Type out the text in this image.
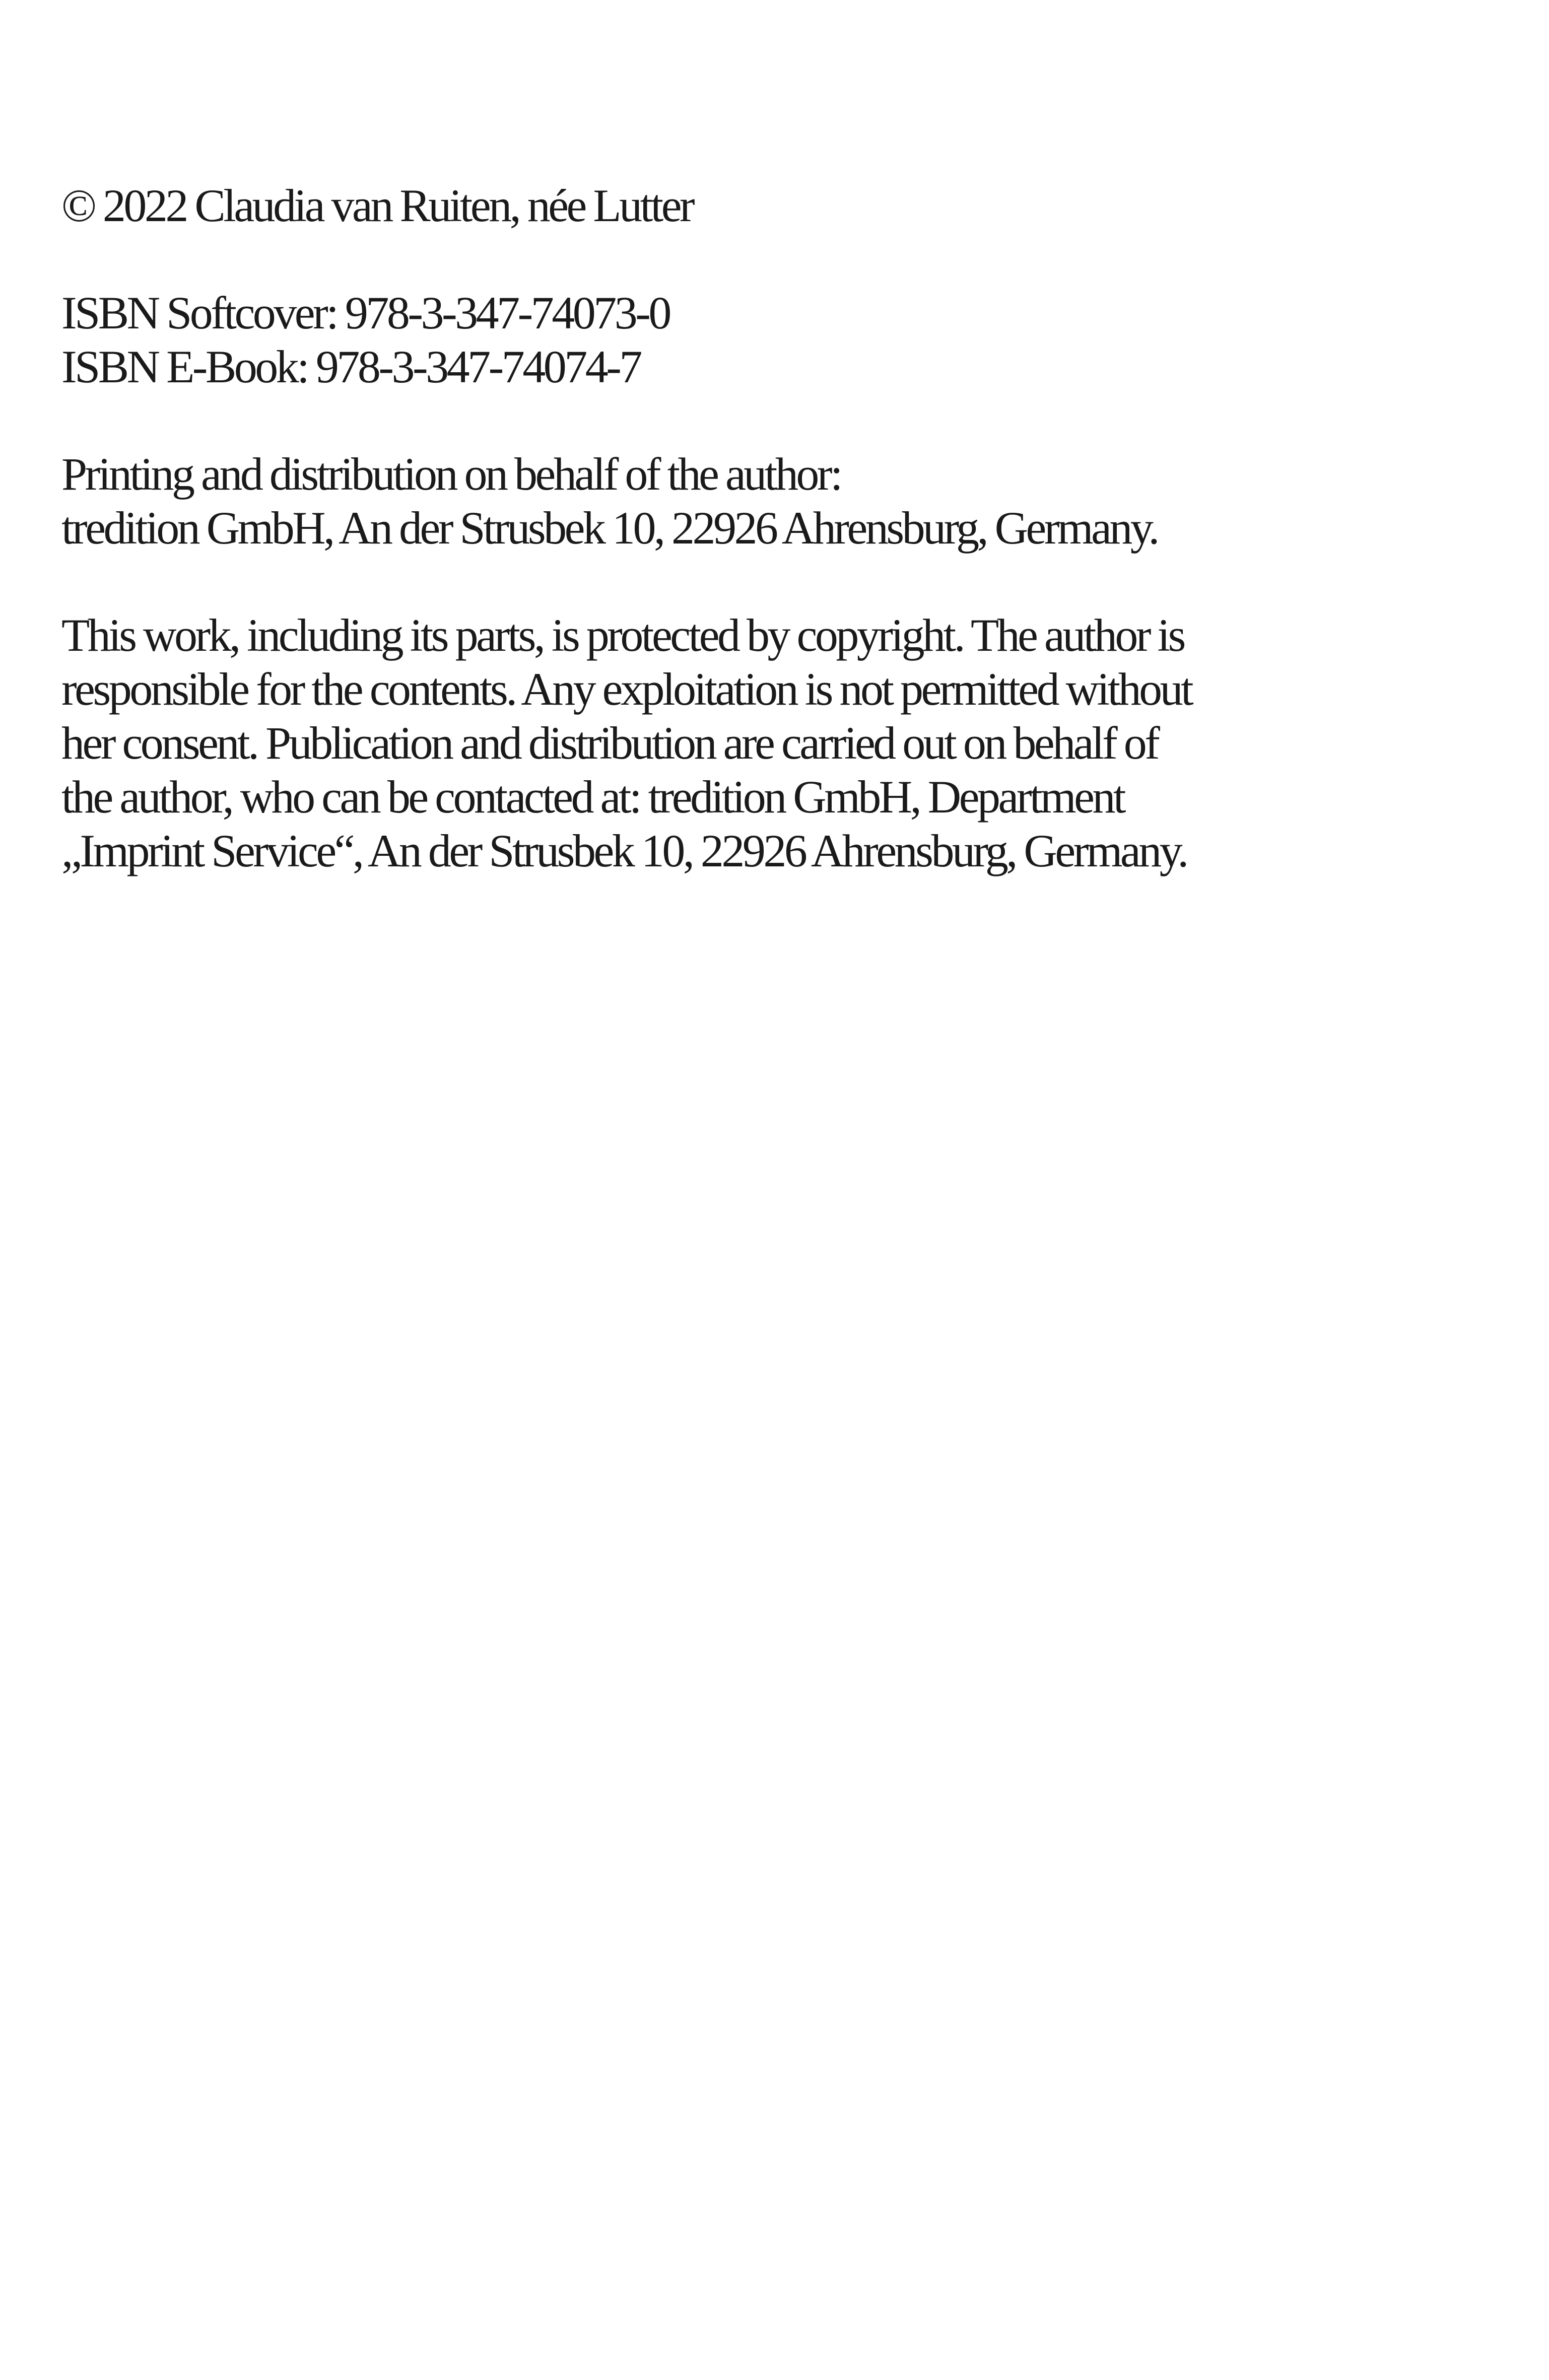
© 2022 Claudia van Ruiten, née Lutter
ISBN Softcover: 978-3-347-74073-0
ISBN E-Book: 978-3-347-74074-7
Printing and distribution on behalf of the author:
tredition GmbH, An der Strusbek 10, 22926 Ahrensburg, Germany.
This work, including its parts, is protected by copyright. The author is
responsible for the contents. Any exploitation is not permitted without
her consent. Publication and distribution are carried out on behalf of
the author, who can be contacted at: tredition GmbH, Department
„Imprint Service“, An der Strusbek 10, 22926 Ahrensburg, Germany.
